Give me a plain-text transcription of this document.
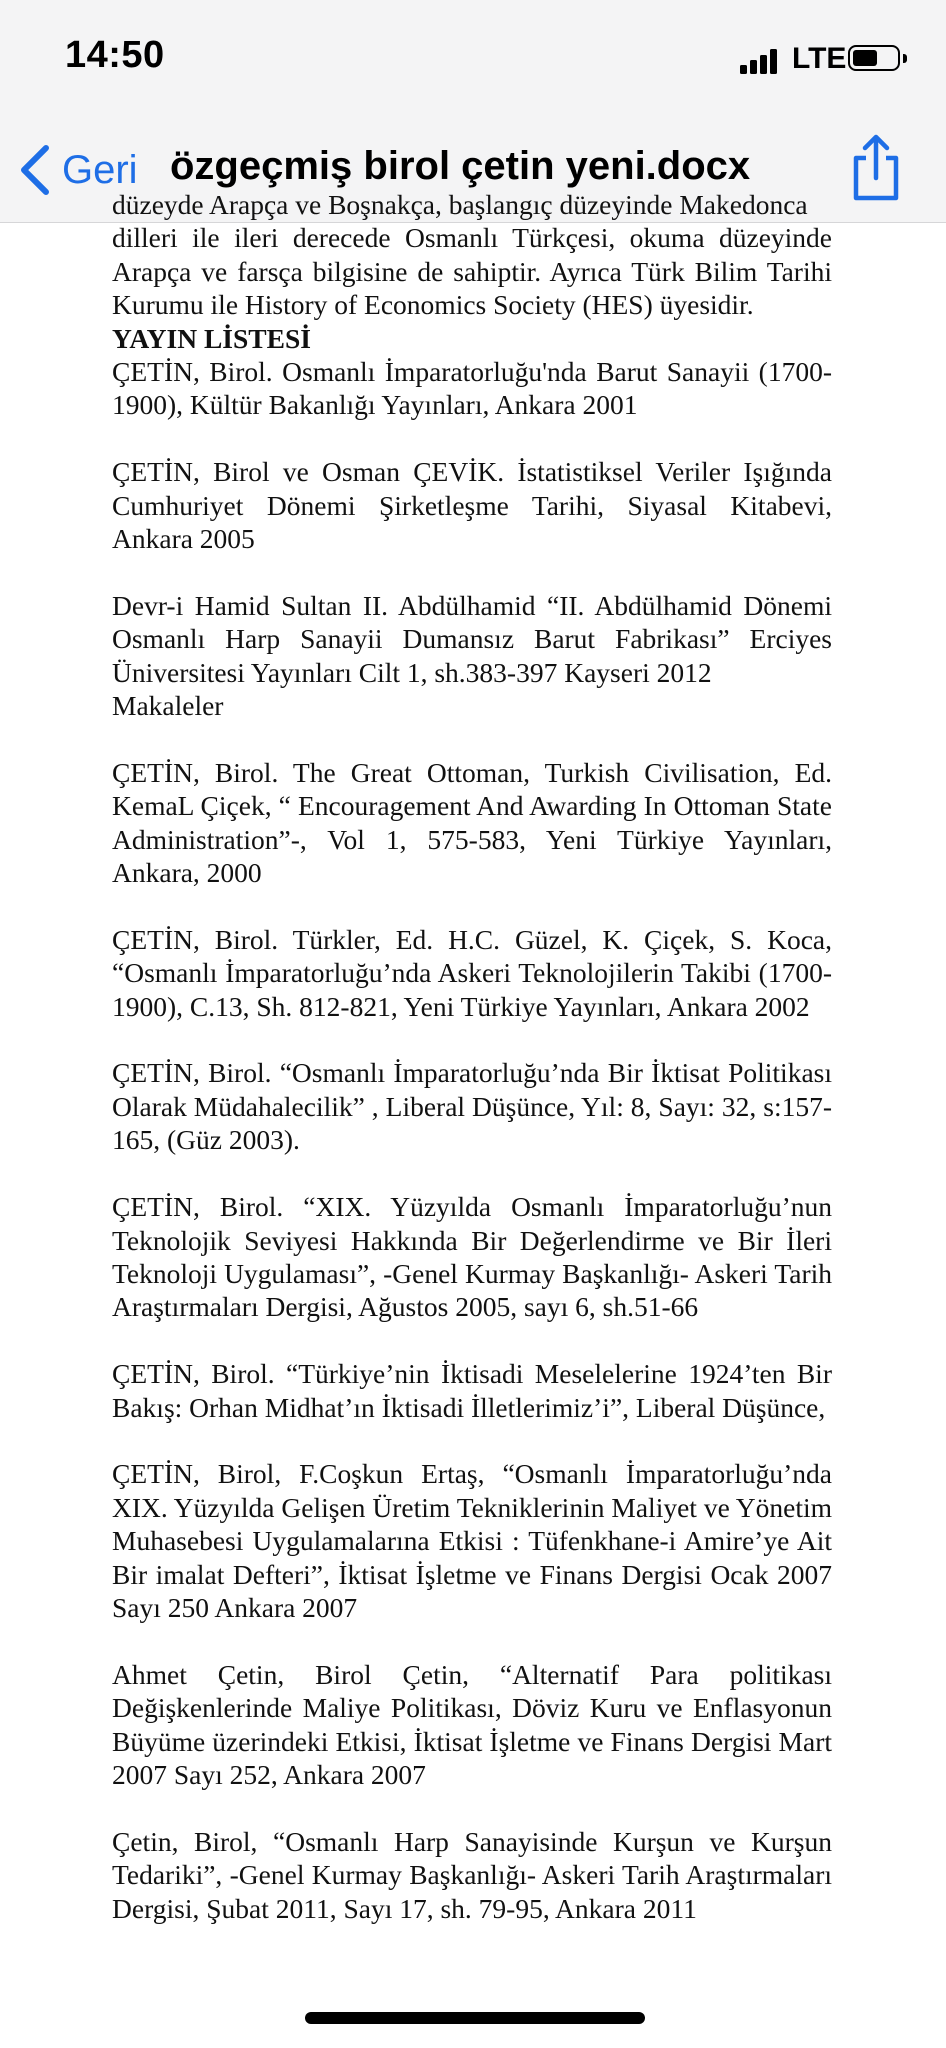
14:50	LTE
Geri özgeçmiş birol çetin yeni.docx

düzeyde Arapça ve Boşnakça, başlangıç düzeyinde Makedonca

dilleri ile ileri derecede Osmanlı Türkçesi, okuma düzeyinde Arapça ve farsça bilgisine de sahiptir. Ayrıca Türk Bilim Tarihi Kurumu ile History of Economics Society (HES) üyesidir.

YAYIN LİSTESİ

ÇETİN, Birol. Osmanlı İmparatorluğu'nda Barut Sanayii (1700-1900), Kültür Bakanlığı Yayınları, Ankara 2001

ÇETİN, Birol ve Osman ÇEVİK. İstatistiksel Veriler Işığında Cumhuriyet Dönemi Şirketleşme Tarihi, Siyasal Kitabevi, Ankara 2005

Devr-i Hamid Sultan II. Abdülhamid “II. Abdülhamid Dönemi Osmanlı Harp Sanayii Dumansız Barut Fabrikası” Erciyes Üniversitesi Yayınları Cilt 1, sh.383-397 Kayseri 2012

Makaleler

ÇETİN, Birol. The Great Ottoman, Turkish Civilisation, Ed. KemaL Çiçek, “ Encouragement And Awarding In Ottoman State Administration”-, Vol 1, 575-583, Yeni Türkiye Yayınları, Ankara, 2000

ÇETİN, Birol. Türkler, Ed. H.C. Güzel, K. Çiçek, S. Koca, “Osmanlı İmparatorluğu’nda Askeri Teknolojilerin Takibi (1700-1900), C.13, Sh. 812-821, Yeni Türkiye Yayınları, Ankara 2002

ÇETİN, Birol. “Osmanlı İmparatorluğu’nda Bir İktisat Politikası Olarak Müdahalecilik” , Liberal Düşünce, Yıl: 8, Sayı: 32, s:157-165, (Güz 2003).

ÇETİN, Birol. “XIX. Yüzyılda Osmanlı İmparatorluğu’nun Teknolojik Seviyesi Hakkında Bir Değerlendirme ve Bir İleri Teknoloji Uygulaması”, -Genel Kurmay Başkanlığı- Askeri Tarih Araştırmaları Dergisi, Ağustos 2005, sayı 6, sh.51-66

ÇETİN, Birol. “Türkiye’nin İktisadi Meselelerine 1924’ten Bir Bakış: Orhan Midhat’ın İktisadi İlletlerimiz’i”, Liberal Düşünce,

ÇETİN, Birol, F.Coşkun Ertaş, “Osmanlı İmparatorluğu’nda XIX. Yüzyılda Gelişen Üretim Tekniklerinin Maliyet ve Yönetim Muhasebesi Uygulamalarına Etkisi : Tüfenkhane-i Amire’ye Ait Bir imalat Defteri”, İktisat İşletme ve Finans Dergisi Ocak 2007 Sayı 250 Ankara 2007

Ahmet Çetin, Birol Çetin, “Alternatif Para politikası Değişkenlerinde Maliye Politikası, Döviz Kuru ve Enflasyonun Büyüme üzerindeki Etkisi, İktisat İşletme ve Finans Dergisi Mart 2007 Sayı 252, Ankara 2007

Çetin, Birol, “Osmanlı Harp Sanayisinde Kurşun ve Kurşun Tedariki”, -Genel Kurmay Başkanlığı- Askeri Tarih Araştırmaları Dergisi, Şubat 2011, Sayı 17, sh. 79-95, Ankara 2011
